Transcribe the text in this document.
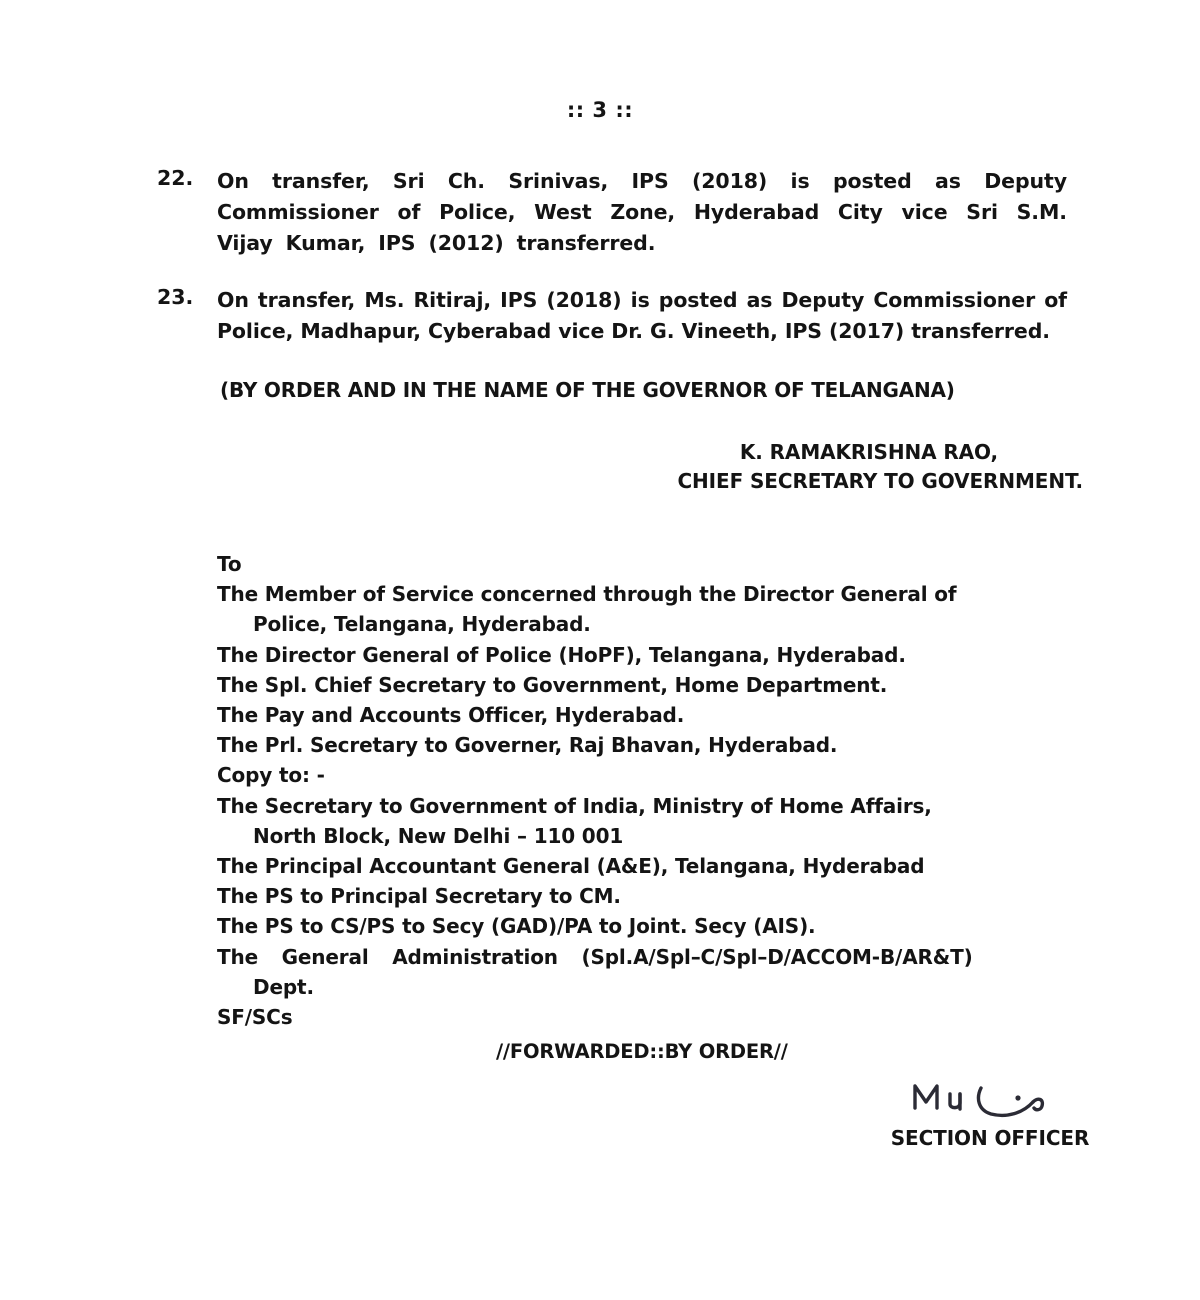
:: 3 ::
22. On transfer, Sri Ch. Srinivas, IPS (2018) is posted as Deputy Commissioner of Police, West Zone, Hyderabad City vice Sri S.M. Vijay Kumar, IPS (2012) transferred.
23. On transfer, Ms. Ritiraj, IPS (2018) is posted as Deputy Commissioner of Police, Madhapur, Cyberabad vice Dr. G. Vineeth, IPS (2017) transferred.
(BY ORDER AND IN THE NAME OF THE GOVERNOR OF TELANGANA)
K. RAMAKRISHNA RAO,
CHIEF SECRETARY TO GOVERNMENT.
To
The Member of Service concerned through the Director General of
Police, Telangana, Hyderabad.
The Director General of Police (HoPF), Telangana, Hyderabad.
The Spl. Chief Secretary to Government, Home Department.
The Pay and Accounts Officer, Hyderabad.
The Prl. Secretary to Governer, Raj Bhavan, Hyderabad.
Copy to: -
The Secretary to Government of India, Ministry of Home Affairs,
North Block, New Delhi – 110 001
The Principal Accountant General (A&E), Telangana, Hyderabad
The PS to Principal Secretary to CM.
The PS to CS/PS to Secy (GAD)/PA to Joint. Secy (AIS).
The  General  Administration  (Spl.A/Spl–C/Spl–D/ACCOM-B/AR&T)
Dept.
SF/SCs
//FORWARDED::BY ORDER//
SECTION OFFICER
